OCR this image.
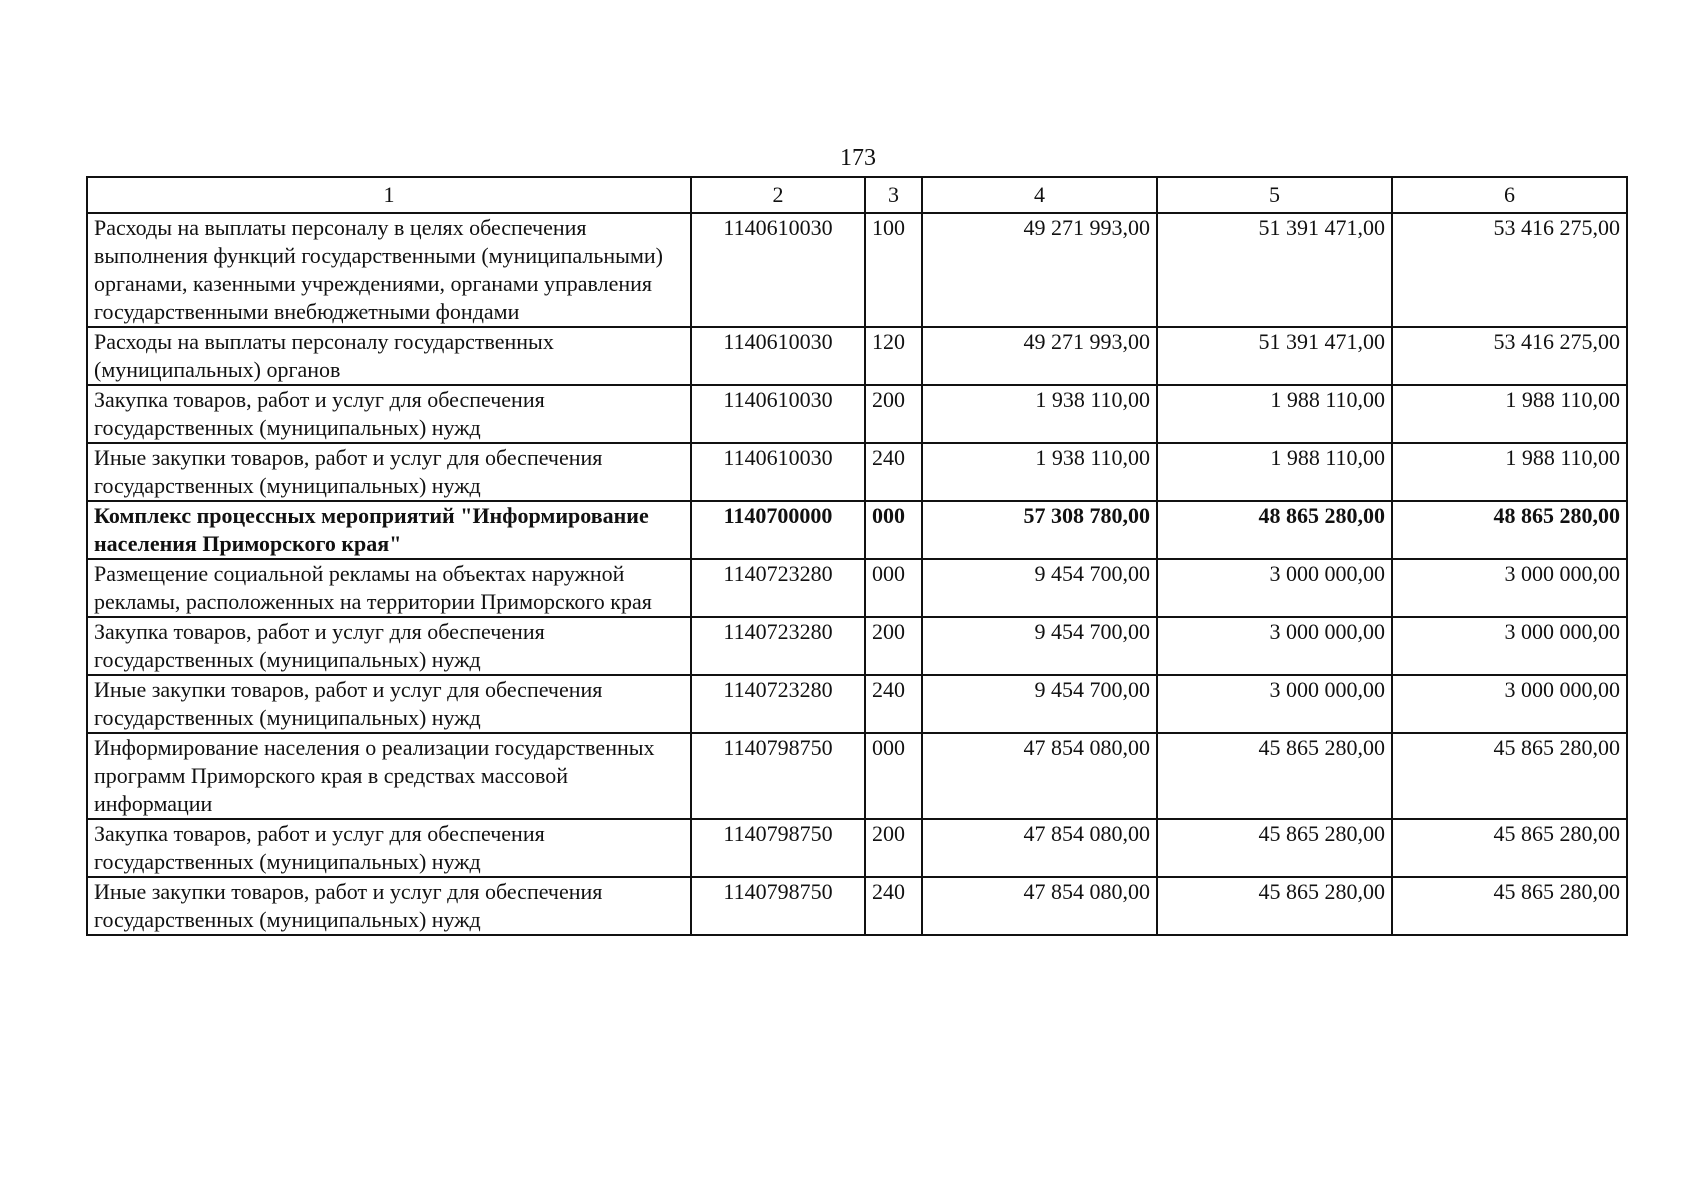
173
1	2	3	4	5	6
Расходы на выплаты персоналу в целях обеспечения выполнения функций государственными (муниципальными) органами, казенными учреждениями, органами управления государственными внебюджетными фондами	1140610030	100	49 271 993,00	51 391 471,00	53 416 275,00
Расходы на выплаты персоналу государственных (муниципальных) органов	1140610030	120	49 271 993,00	51 391 471,00	53 416 275,00
Закупка товаров, работ и услуг для обеспечения государственных (муниципальных) нужд	1140610030	200	1 938 110,00	1 988 110,00	1 988 110,00
Иные закупки товаров, работ и услуг для обеспечения государственных (муниципальных) нужд	1140610030	240	1 938 110,00	1 988 110,00	1 988 110,00
Комплекс процессных мероприятий "Информирование населения Приморского края"	1140700000	000	57 308 780,00	48 865 280,00	48 865 280,00
Размещение социальной рекламы на объектах наружной рекламы, расположенных на территории Приморского края	1140723280	000	9 454 700,00	3 000 000,00	3 000 000,00
Закупка товаров, работ и услуг для обеспечения государственных (муниципальных) нужд	1140723280	200	9 454 700,00	3 000 000,00	3 000 000,00
Иные закупки товаров, работ и услуг для обеспечения государственных (муниципальных) нужд	1140723280	240	9 454 700,00	3 000 000,00	3 000 000,00
Информирование населения о реализации государственных программ Приморского края в средствах массовой информации	1140798750	000	47 854 080,00	45 865 280,00	45 865 280,00
Закупка товаров, работ и услуг для обеспечения государственных (муниципальных) нужд	1140798750	200	47 854 080,00	45 865 280,00	45 865 280,00
Иные закупки товаров, работ и услуг для обеспечения государственных (муниципальных) нужд	1140798750	240	47 854 080,00	45 865 280,00	45 865 280,00
